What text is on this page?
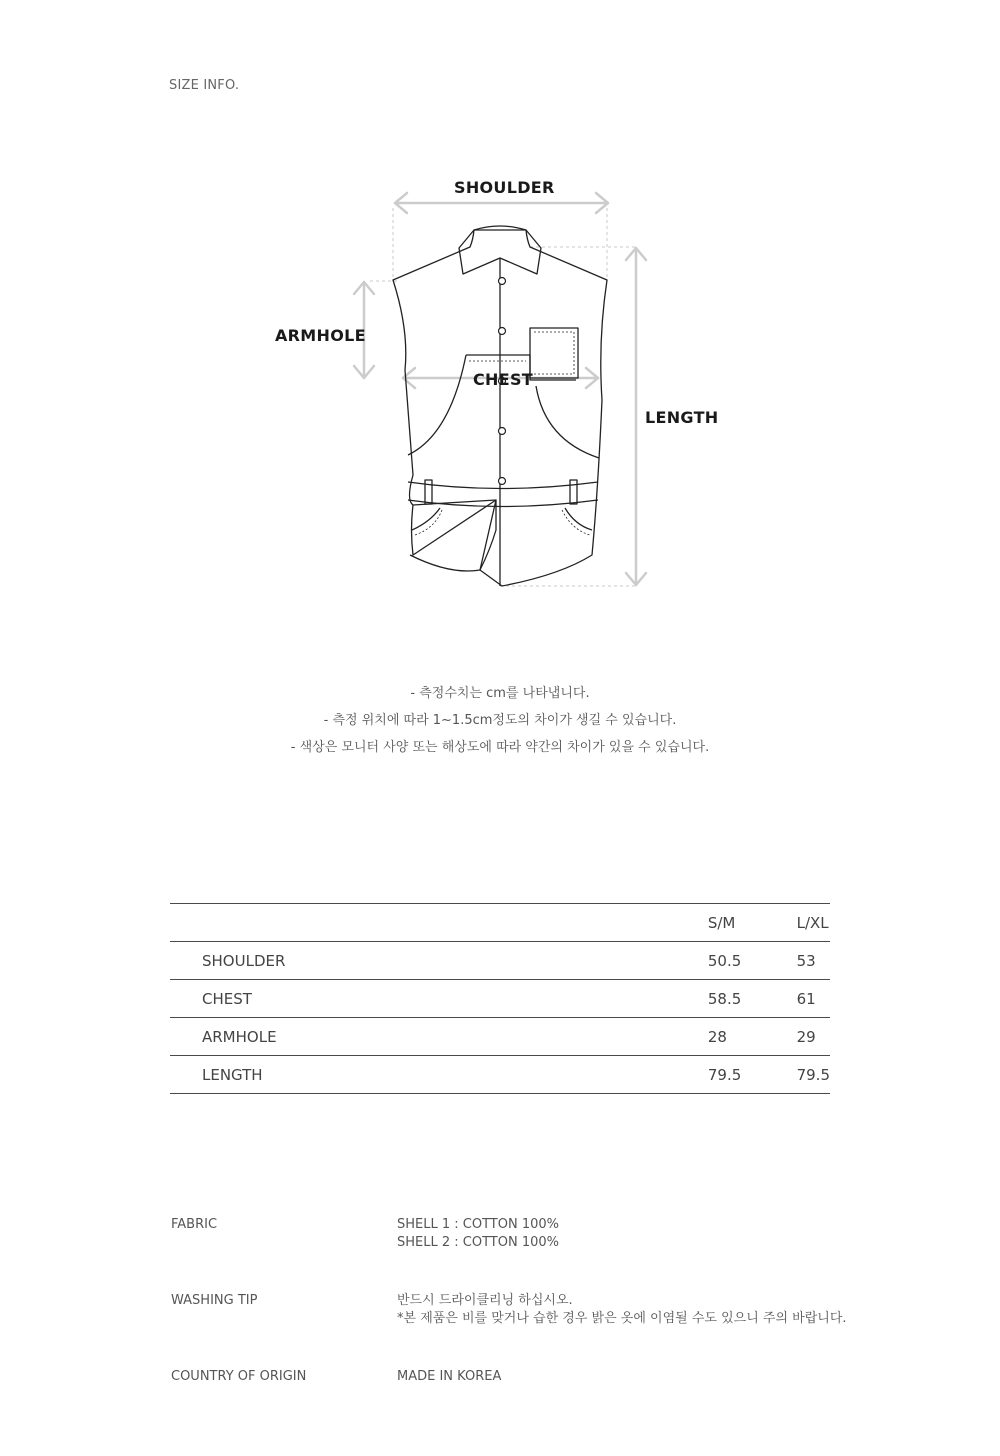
SIZE INFO.
SHOULDER
ARMHOLE
CHEST
LENGTH
- 측정수치는 cm를 나타냅니다.
- 측정 위치에 따라 1~1.5cm정도의 차이가 생길 수 있습니다.
- 색상은 모니터 사양 또는 해상도에 따라 약간의 차이가 있을 수 있습니다.
	S/M	L/XL
SHOULDER	50.5	53
CHEST	58.5	61
ARMHOLE	28	29
LENGTH	79.5	79.5
FABRIC	SHELL 1 : COTTON 100%
SHELL 2 : COTTON 100%
WASHING TIP	반드시 드라이클리닝 하십시오.
*본 제품은 비를 맞거나 습한 경우 밝은 옷에 이염될 수도 있으니 주의 바랍니다.
COUNTRY OF ORIGIN	MADE IN KOREA
